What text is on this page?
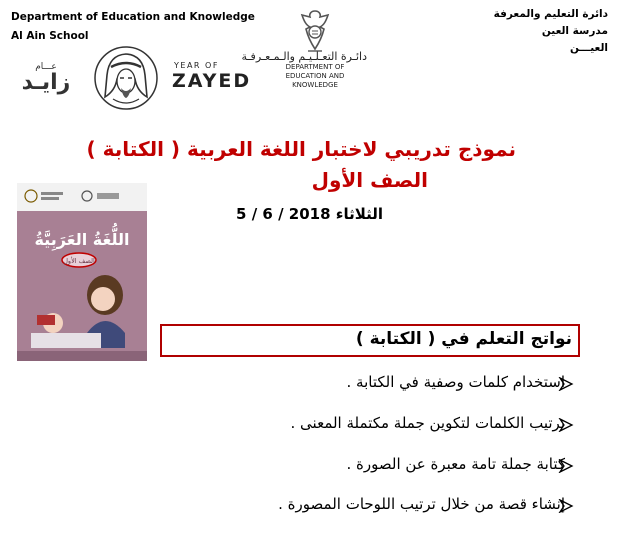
Department of Education and Knowledge
Al Ain School
دائرة التعليم والمعرفة
مدرسة العين
العيـــن
عـــام
زايـد
YEAR OF
ZAYED
دائـرة التعـلـيـم والـمـعـرفـة
DEPARTMENT OF EDUCATION AND KNOWLEDGE
نموذج تدريبي لاختبار اللغة العربية ( الكتابة )
الصف الأول
الثلاثاء 2018 / 6 / 5
اللُّغَةُ العَرَبِيَّةُ
الصف الأول
نواتج التعلم في ( الكتابة )
استخدام كلمات وصفية في الكتابة .
ترتيب الكلمات لتكوين جملة مكتملة المعنى .
كتابة جملة تامة معبرة عن الصورة .
إنشاء قصة من خلال ترتيب اللوحات المصورة .
